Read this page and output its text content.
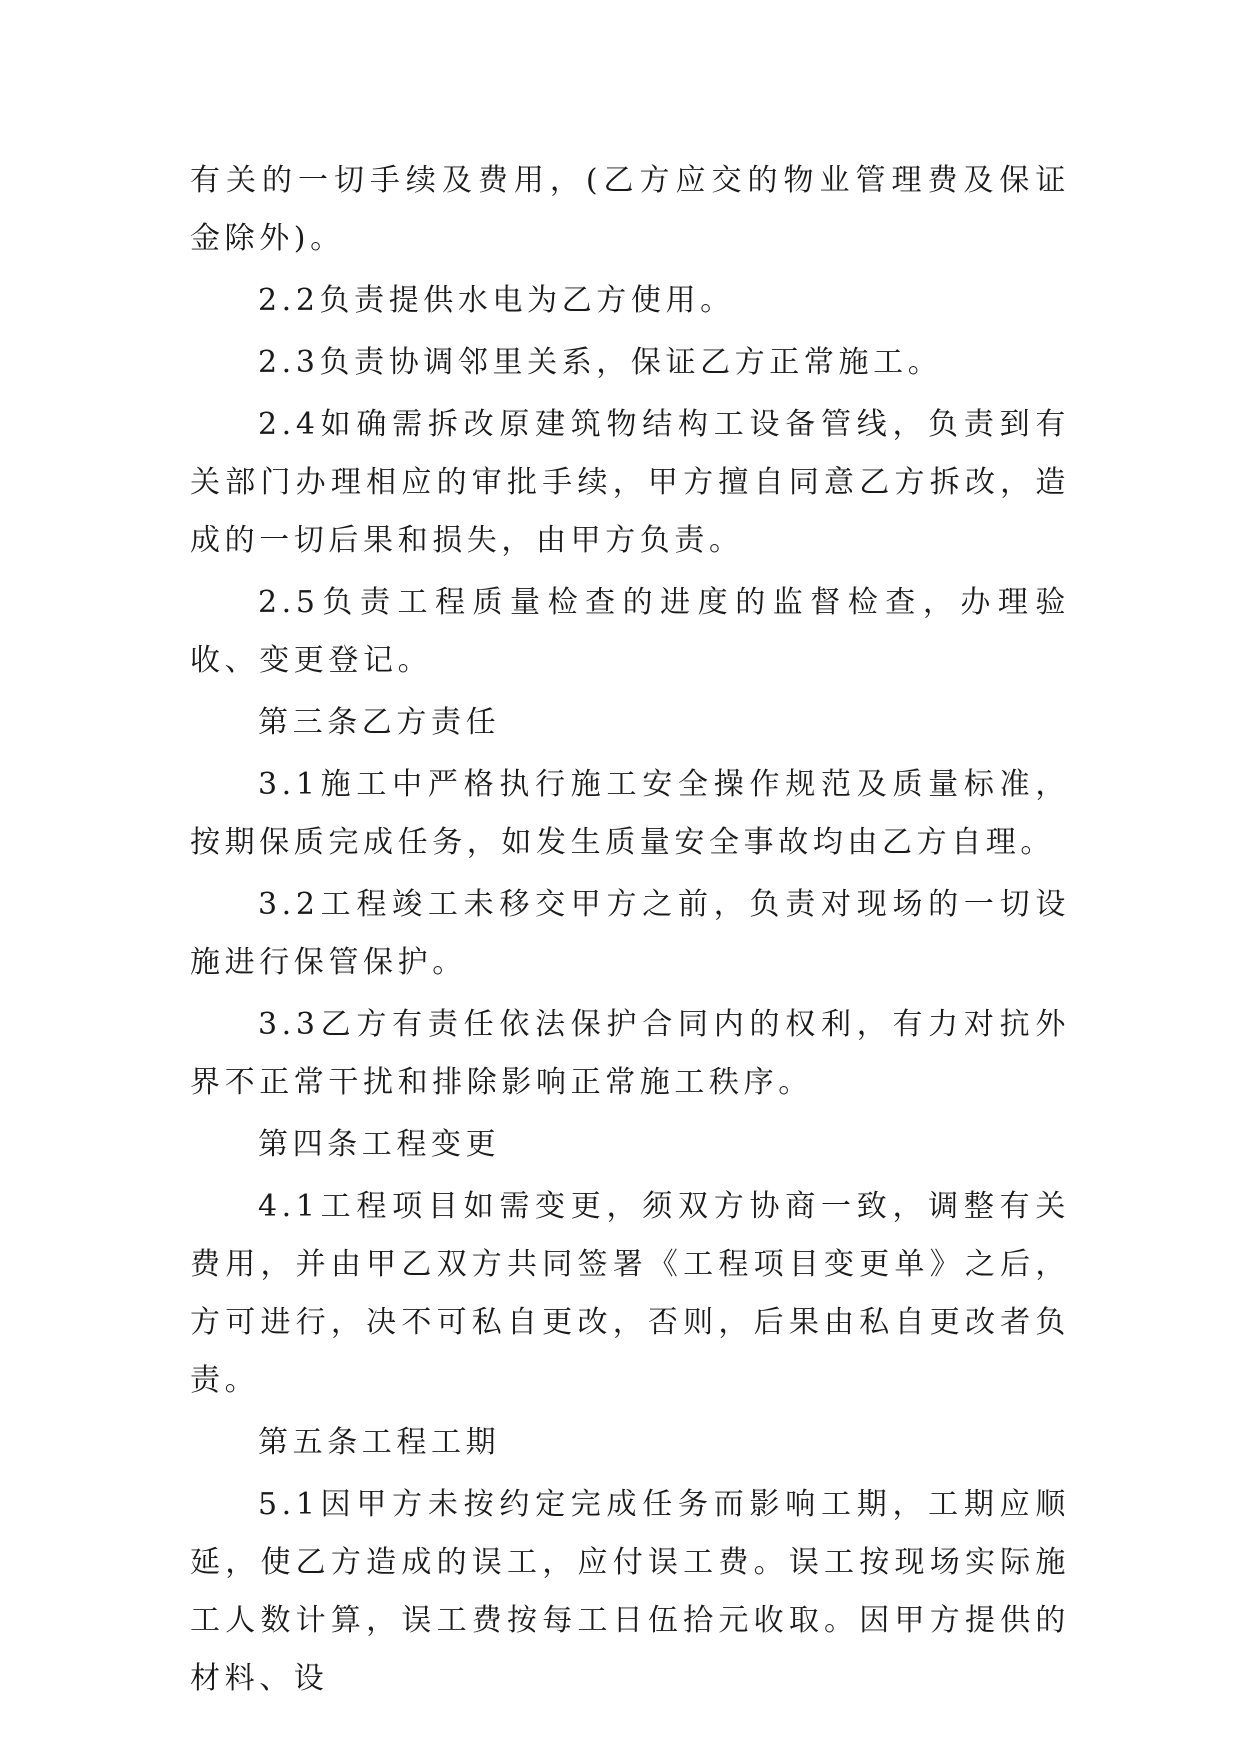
有关的一切手续及费用，(乙方应交的物业管理费及保证金除外)。

2.2负责提供水电为乙方使用。

2.3负责协调邻里关系，保证乙方正常施工。

2.4如确需拆改原建筑物结构工设备管线，负责到有关部门办理相应的审批手续，甲方擅自同意乙方拆改，造成的一切后果和损失，由甲方负责。

2.5负责工程质量检查的进度的监督检查，办理验收、变更登记。

第三条乙方责任

3.1施工中严格执行施工安全操作规范及质量标准，按期保质完成任务，如发生质量安全事故均由乙方自理。

3.2工程竣工未移交甲方之前，负责对现场的一切设施进行保管保护。

3.3乙方有责任依法保护合同内的权利，有力对抗外界不正常干扰和排除影响正常施工秩序。

第四条工程变更

4.1工程项目如需变更，须双方协商一致，调整有关费用，并由甲乙双方共同签署《工程项目变更单》之后，方可进行，决不可私自更改，否则，后果由私自更改者负责。

第五条工程工期

5.1因甲方未按约定完成任务而影响工期，工期应顺延，使乙方造成的误工，应付误工费。误工按现场实际施工人数计算，误工费按每工日伍拾元收取。因甲方提供的材料、设
